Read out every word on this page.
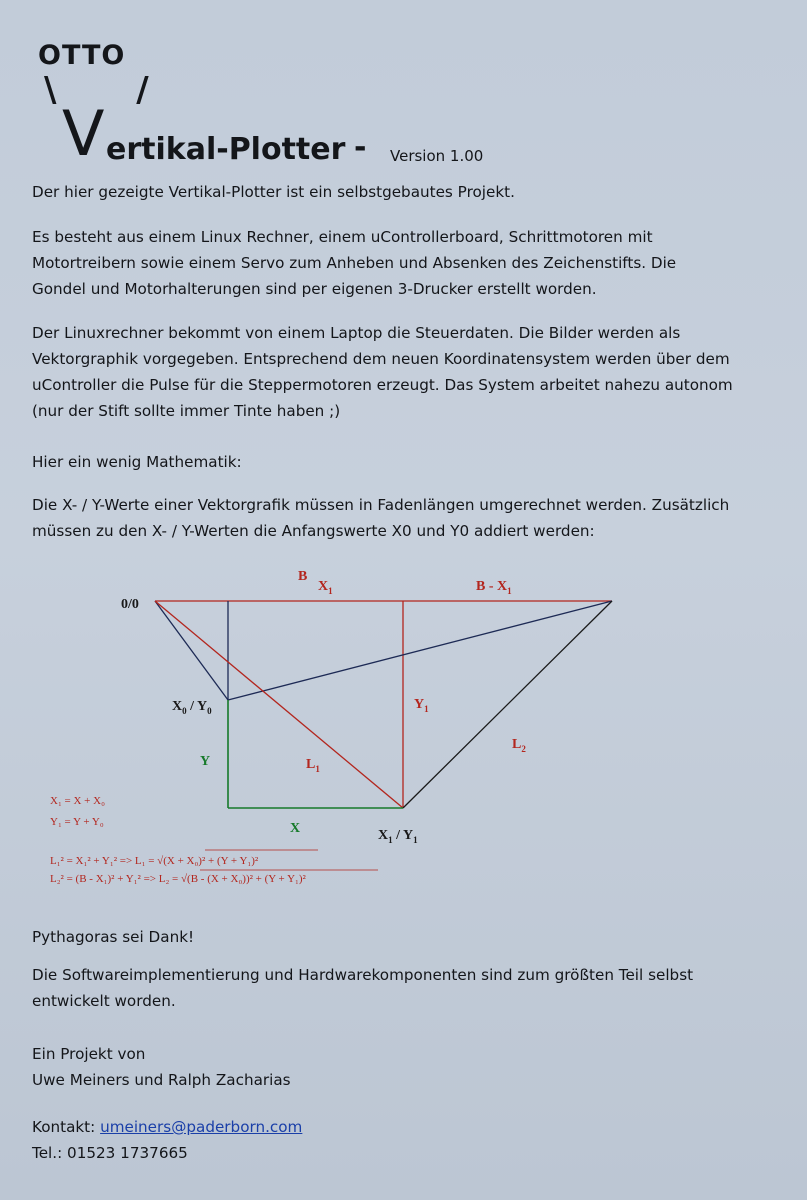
OTTO
\ /
V ertikal-Plotter - Version 1.00
Der hier gezeigte Vertikal-Plotter ist ein selbstgebautes Projekt.
Es besteht aus einem Linux Rechner, einem uControllerboard, Schrittmotoren mit
Motortreibern sowie einem Servo zum Anheben und Absenken des Zeichenstifts. Die
Gondel und Motorhalterungen sind per eigenen 3-Drucker erstellt worden.
Der Linuxrechner bekommt von einem Laptop die Steuerdaten. Die Bilder werden als
Vektorgraphik vorgegeben. Entsprechend dem neuen Koordinatensystem werden über dem
uController die Pulse für die Steppermotoren erzeugt. Das System arbeitet nahezu autonom
(nur der Stift sollte immer Tinte haben ;)
Hier ein wenig Mathematik:
Die X- / Y-Werte einer Vektorgrafik müssen in Fadenlängen umgerechnet werden. Zusätzlich
müssen zu den X- / Y-Werten die Anfangswerte X0 und Y0 addiert werden:
0/0
B
$X_1$	B - $X_1$
$X_0 / Y_0$	$Y_1$
Y	$L_1$
$L_2$
X	$X_1 / Y_1$
X₁ = X + X₀
Y₁ = Y + Y₀
L₁² = X₁² + Y₁² => L₁ = √(X + X₀)² + (Y + Y₁)²
L₂² = (B - X₁)² + Y₁² => L₂ = √(B - (X + X₀))² + (Y + Y₁)²
Pythagoras sei Dank!
Die Softwareimplementierung und Hardwarekomponenten sind zum größten Teil selbst
entwickelt worden.
Ein Projekt von
Uwe Meiners und Ralph Zacharias
Kontakt: umeiners@paderborn.com
Tel.: 01523 1737665
